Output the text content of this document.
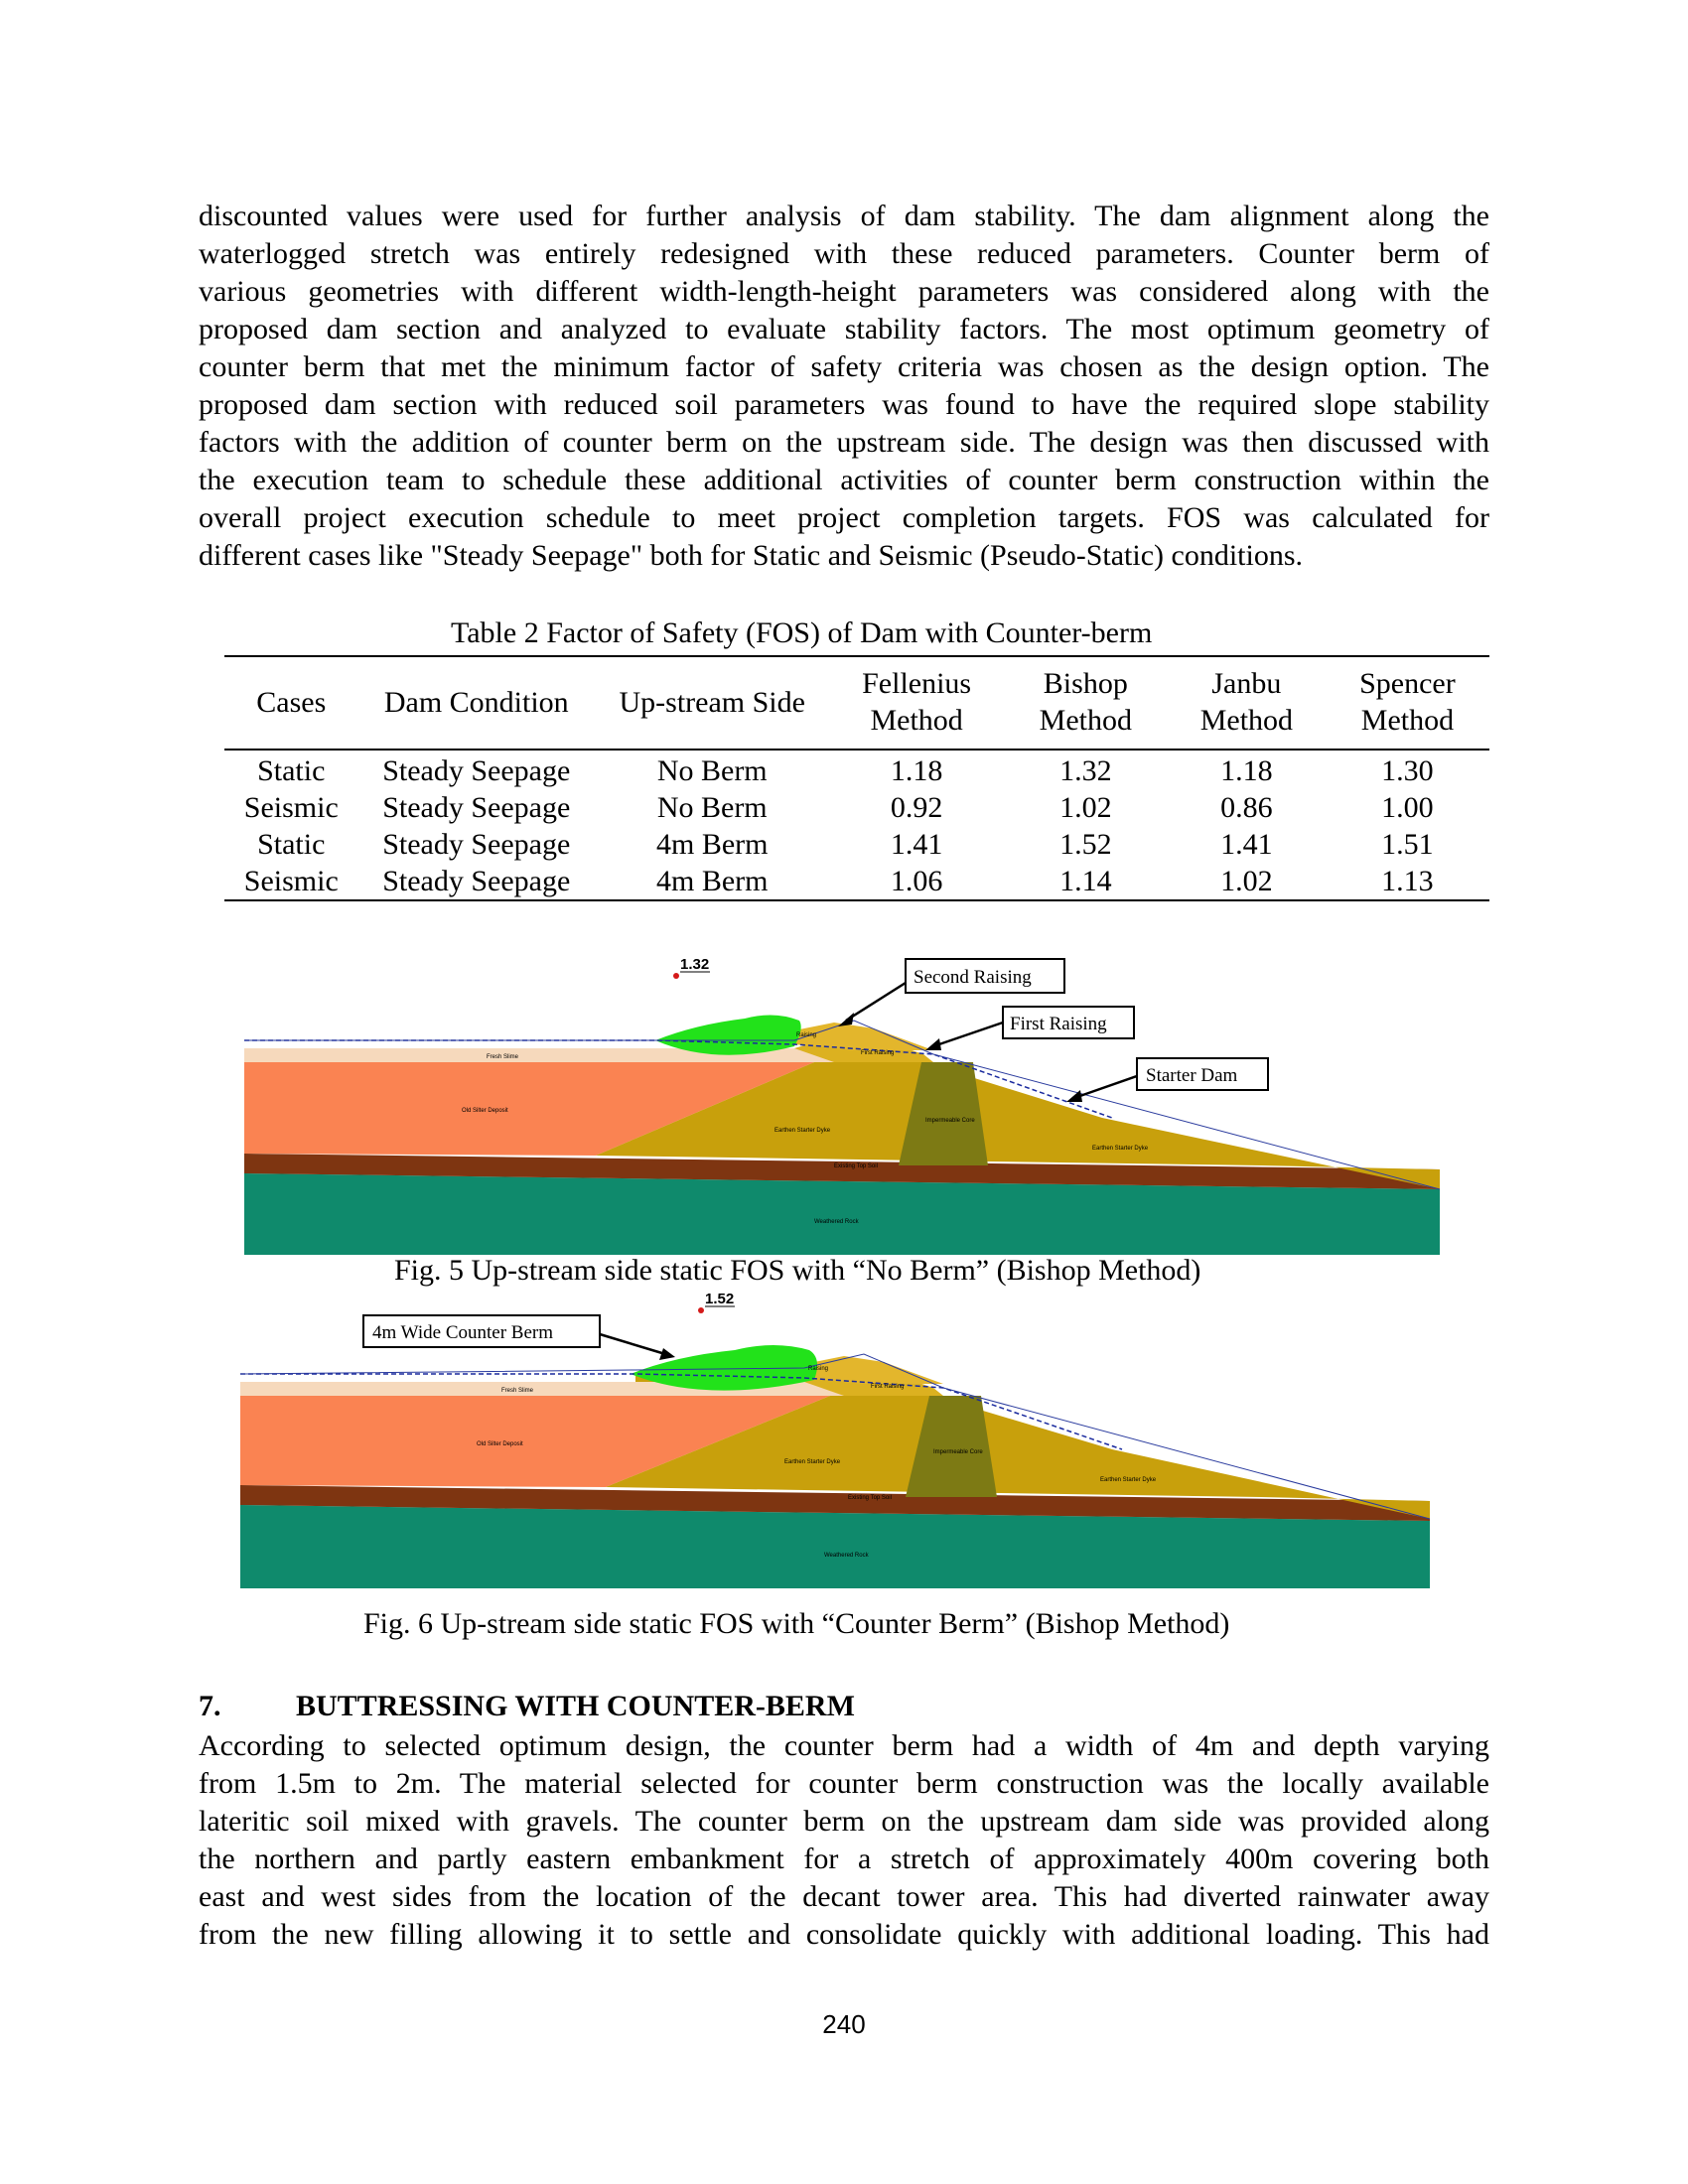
discounted values were used for further analysis of dam stability. The dam alignment along the
waterlogged stretch was entirely redesigned with these reduced parameters. Counter berm of
various geometries with different width-length-height parameters was considered along with the
proposed dam section and analyzed to evaluate stability factors. The most optimum geometry of
counter berm that met the minimum factor of safety criteria was chosen as the design option. The
proposed dam section with reduced soil parameters was found to have the required slope stability
factors with the addition of counter berm on the upstream side. The design was then discussed with
the execution team to schedule these additional activities of counter berm construction within the
overall project execution schedule to meet project completion targets. FOS was calculated for
different cases like "Steady Seepage" both for Static and Seismic (Pseudo-Static) conditions.
Table 2 Factor of Safety (FOS) of Dam with Counter-berm
Cases	Dam Condition	Up-stream Side	Fellenius Method	Bishop Method	Janbu Method	Spencer Method
Static	Steady Seepage	No Berm	1.18	1.32	1.18	1.30
Seismic	Steady Seepage	No Berm	0.92	1.02	0.86	1.00
Static	Steady Seepage	4m Berm	1.41	1.52	1.41	1.51
Seismic	Steady Seepage	4m Berm	1.06	1.14	1.02	1.13
1.32
Second Raising
First Raising
Starter Dam
Fresh Slime
Old Silter Deposit
Earthen Starter Dyke
Impermeable Core
Earthen Starter Dyke
Existing Top Soil
Weathered Rock
Raising
First Raising
Fig. 5 Up-stream side static FOS with “No Berm” (Bishop Method)
1.52
4m Wide Counter Berm
Fresh Slime
Old Silter Deposit
Earthen Starter Dyke
Impermeable Core
Earthen Starter Dyke
Existing Top Soil
Weathered Rock
Raising
First Raising
Fig. 6 Up-stream side static FOS with “Counter Berm” (Bishop Method)
7.	BUTTRESSING WITH COUNTER-BERM
According to selected optimum design, the counter berm had a width of 4m and depth varying
from 1.5m to 2m. The material selected for counter berm construction was the locally available
lateritic soil mixed with gravels. The counter berm on the upstream dam side was provided along
the northern and partly eastern embankment for a stretch of approximately 400m covering both
east and west sides from the location of the decant tower area. This had diverted rainwater away
from the new filling allowing it to settle and consolidate quickly with additional loading. This had
240
